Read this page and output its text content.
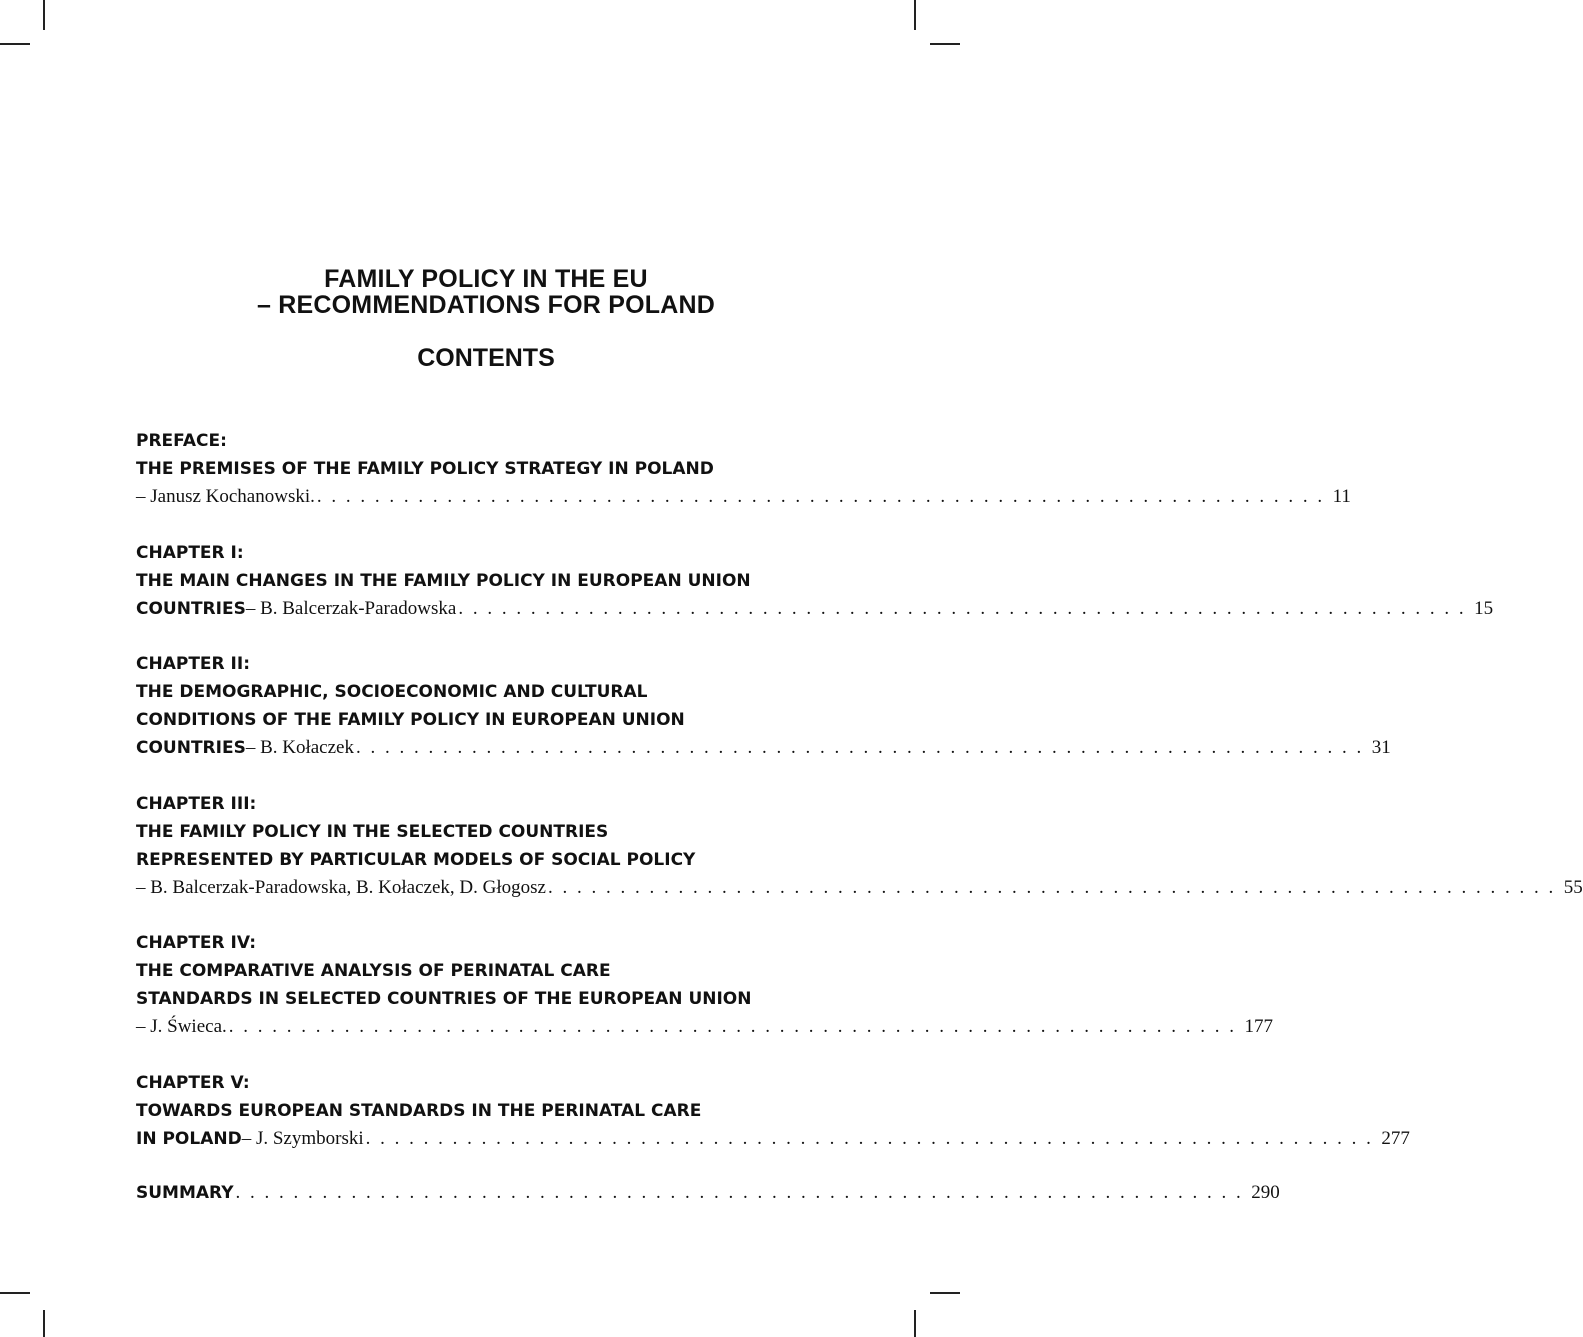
FAMILY POLICY IN THE EU
– RECOMMENDATIONS FOR POLAND
CONTENTS
PREFACE:
THE PREMISES OF THE FAMILY POLICY STRATEGY IN POLAND
– Janusz Kochanowski. . . . . . . . . . . . . . . . . . . . . . . . . . . . . . . . . . . . . . . . . . . . . . . . . . . . . . . . . . . . . . . . . . . . . . . 11
CHAPTER I:
THE MAIN CHANGES IN THE FAMILY POLICY IN EUROPEAN UNION
COUNTRIES – B. Balcerzak-Paradowska . . . . . . . . . . . . . . . . . . . . . . . . . . . . . . . . . . . . . . . . . . . . . . . . . . . . . . . . . . . . . . . . . . . . . . 15
CHAPTER II:
THE DEMOGRAPHIC, SOCIOECONOMIC AND CULTURAL
CONDITIONS OF THE FAMILY POLICY IN EUROPEAN UNION
COUNTRIES – B. Kołaczek . . . . . . . . . . . . . . . . . . . . . . . . . . . . . . . . . . . . . . . . . . . . . . . . . . . . . . . . . . . . . . . . . . . . . . 31
CHAPTER III:
THE FAMILY POLICY IN THE SELECTED COUNTRIES
REPRESENTED BY PARTICULAR MODELS OF SOCIAL POLICY
– B. Balcerzak-Paradowska, B. Kołaczek, D. Głogosz . . . . . . . . . . . . . . . . . . . . . . . . . . . . . . . . . . . . . . . . . . . . . . . . . . . . . . . . . . . . . . . . . . . . . . 55
CHAPTER IV:
THE COMPARATIVE ANALYSIS OF PERINATAL CARE
STANDARDS IN SELECTED COUNTRIES OF THE EUROPEAN UNION
– J. Świeca. . . . . . . . . . . . . . . . . . . . . . . . . . . . . . . . . . . . . . . . . . . . . . . . . . . . . . . . . . . . . . . . . . . . . . . 177
CHAPTER V:
TOWARDS EUROPEAN STANDARDS IN THE PERINATAL CARE
IN POLAND – J. Szymborski . . . . . . . . . . . . . . . . . . . . . . . . . . . . . . . . . . . . . . . . . . . . . . . . . . . . . . . . . . . . . . . . . . . . . . 277
SUMMARY . . . . . . . . . . . . . . . . . . . . . . . . . . . . . . . . . . . . . . . . . . . . . . . . . . . . . . . . . . . . . . . . . . . . . . 290
